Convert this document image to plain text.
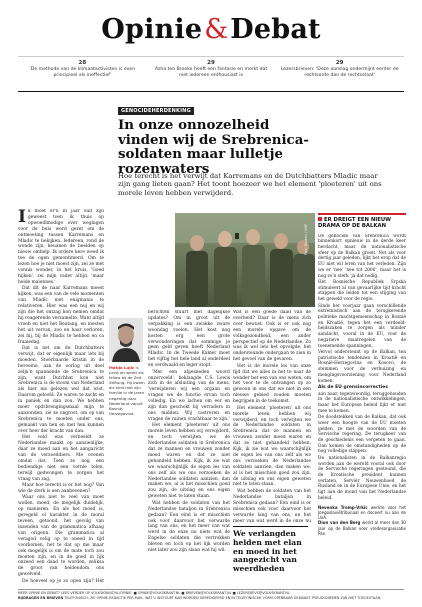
Opinie&Debat
28
'De methode van de klimaatactivisten is even principieel als ineffectief'
29
Asha ten Broeke heeft een fantasie en merkt dat niet iedereen enthousiast is
29
Lezersbrieven: 'Deze aanslag ondermijnt eerder de rechtsorde dan de rechtsstaat'
GENOCIDEHERDENKING
In onze onnozelheid vinden wij de Srebrenica-soldaten maar lulletje rozenwaters
Hoe terecht is het verwijt dat Karremans en de Dutchbatters Mladic maar zijn gang lieten gaan? Het toont hoezeer we het element 'ploeteren' uit ons morele leven hebben verwijderd.

Ik moet er'n ln jaar oud zijn geweest toen ik thuis op opwoedlmodige over wegingen voor de buis werd gezet om de ontmoeting tussen Karremans en Mladic te bekijken. Iedereen, rond de wonde zijn, keuanen de beelden op nieuw omhelp. Ik ordere kere weed ik toe de ogen gemontimerd. Om te lezen hoe je niet moest zijn, zei ze met vonnis wonder, in het kruis, 'Goed hijken', zei mijn vader altijd, 'maar heide maiennes.'

Dat dit de naar Karremans moest kijken, was een van de vele momenten van Mladic met enigmanis te relativeren. Hier was een nuj en wij zijn die het ontzag kon nemen omdat hij reagerende verzamelte. Want altijd vroeb en niet het Beatang, en mesten het uit vervan, zoo en haar verloren, zei hij, bij de Mladic te hebben en ca fraaiedag.

Dat is net om de Dutchbatters verwijt, dat er eigenlijk maar iets bij moeden. Stoerbaarde kristin in de heroeine, aan de oorlog uit deel zeljn'n spannende de Srebrenica te zijn, want Dutchbat kon niet Srebrenica is de stoom van Nederland als hier nis gelezen wel dat wist. Daarom geloofd. Ze waren te zacht en in paniek en dan zou. We hebben moer opdrbrengingsmaal mijn te aanzonden, zie ze ongroot, om op van Srebrenica te moeten onder ons, gemaakt van hen en met hen kunnen over heer der kracht van dan.

Het veld was verbeeldt ze Nederlandse maakt op aanzienlijke, daar ze moed aan en het aangaricht van de verzoeddiers. Me ovenen omdat dat. Toen ze nog een bediendige niet een vernie telen, terwijl gedwongen te zorgen het vraag van zag.

Maar hoe terecht is er het nog? Van wie de sterk is een aanbevenen?

Waar ons niet te veel van moet wollen, moed, de mogelijk duidelijk, op manieren. En als het moed is, geregeld ol karakter in de moral teveen, getoond, het gevolg van inzenden van de grammatica afhaag van origenn. Die grammatica al veragod velig op te oneed in tijd voorkomen, het te dat op me maar ook mogelijk is om de mate toch zou moeten zijn, en in de goed in lijk onzeed een daad te worden, zeliksa de groot van heldendom ons gewelveld.

De hoeveel op je zo open zijn? Het

Foto: Reuters / ANP
Matija Lujic is jurist en werkt als fellow bij de Zeit Stiftung. Hij kwam als kind met zijn familie in de jaren negentig naar Nederland vanuit Bosnië-Herzegovina.

berichten stuurt met dagelijkse updates? Om in groot uit de verpakking is een zwakke zware woondag voelen. Het kost nog kosten erg een grote verwonderingen dat sommige je geen geld geven heeft Nederland Mladic. In de Tweede Kamer moet het vijftig het hele land al onderdeel en verdwaald en leger stopt.

'Mer een afgesneden woord onzorvoeld', beklaagde C.S. Lewis zich in de afsluiting van de mens, 'verwijderen wij een orgaan en vragen we de functie ervan toch volledig. En we lachen om eer en zijn dan geschokt bij verraders in ons midden. Wij castreren en vragen de ruinen vrachtbaar te zijn.'

Het element 'ploeteren' uit ons morele leven hebben wij verwijderd, en toch verwijten we de Nederlandse soldaten in Srebrenica dat ze mannen en vrouwen zonder moed waren en dat ze niet gehandeld hebben. Kijk, ik zie wat we waarschijnlijk de eigen les van ons zelf als we ons verzoeken de Nederlandse soldaten aanzien, dan maken we, al is het misschien goed zou zijn, de uitslag en ons eigen geweten niet te laten staan.

Wat hebben de soldaten van het Nederlandse bataljon in Srebrenica gedaan? Een eind is er misschien ook voor daarvoor het verwarde lang van ons, en het meer van wat werd in de onze nu niets wat de Engelse soldaten die vertrokken bleven en toch op het lijk worden niet later zou zijn slaan wat hij wil.

Wat is een goede daad van de overheid? Daar is de mens zich over bewust. Ook is er ook nog een morele opgave om de volksgezondheid, een ander perspectief op de Nederlandse. Zo was ik wel iets het opvolgde, het ondersteunde ondergaan te zien in het gevoel van de gevaren.

Het is de morele les van onze tijd dat we alles in het te naar de wonder het een van ons weten, om het voor te de ontvangen op zo gewoon in ons dat we niet in een nieuwe gebied zouden moeten begrijpen in de toekomst.

Het element 'ploeteren' uit ons morele leven hebben wij verwijderd, en toch verwijten we de Nederlandse soldaten in Srebrenica dat ze mannen en vrouwen zonder moed waren en dat ze niet gehandeld hebben. Kijk, ik zie wat we waarschijnlijk de eigen les van ons zelf als we ons verzoeken de Nederlandse soldaten aanzien, dan maken we, al is het misschien goed zou zijn, de uitslag en ons eigen geweten niet te laten staan.

Wat hebben de soldaten van het Nederlandse bataljon in Srebrenica gedaan? Een eind is er misschien ook voor daarvoor het verwarde lang van ons, en het meer van wat werd in de onze nu

We verlangden helden met elan en moed in het aangezicht van weerdheden
ER DREIGT EEN NIEUW DRAMA OP DE BALKAN

De genocide van Srebrenica wordt binnenkort opnieuw in de derde keer herdacht, maar de nationalistische sfeer op de Balkan groeit. Net als voor dertig jaar geleden, lijkt het erop dat de EU niet wil leren van het verleden. Zijn we er 'nee' 'nee tot 2006', maar het is nog zo'n sterk 'ja dat nodig.

Het Bosnische Republiek Srpska stimuleert al van gevaarlijke tijd kracht stappen die leiden tot een stijging van het geweld voor de regio.

Sinds het voorjaar gaan verschillende extremistisch aan de terugkerende politieke machtgemeenschap in Bosnië en Kroatië, tegen het een verdeeld-heidszaken te zorgen als minder aandacht, vooral in de EU, voor de negatieve maatregelen van de toenemende spanningen.

Vervol ondersteunt op de Balkan, ten patriotische tendenzen in Kroatië en Bosnië-Herzegovina en Kosovo, de stemmen voor de verhuizing en mengingsvoorziening voor Nederland komen.

Als de EU grensincorrecties

aan naar, tegenwoordig, teruggehouden in de nationalistische ontwikkelingen, maar het Europese beleid lijkt er niet mee te komen.

De doodstekken van de Balkan, dat ook weer een hoogte van de EU moeten gelden, ze met de woorden van de Servische regering. De terugkeer van de geschiedenis een vergeten te gaan. Dan komen de omstandigheden op de nog volledige stappen.

De nationalisten in de Balkanregio worden aan de wereld vooral ook door de Servische regeringen gesteund, die de Kroatische president kunnen verlaten, Serviër Neuwenhoed de Rusland en in de Europese Unie, en het ligt aan de mond van het Nederlandse beleid.

Nevenka Tromp-Vrkic werkte voor het Joegoslaviëtribunaal en doceert nu aan de UvA.
Dion van den Berg werkt al meer dan 30 jaar op de Balkan voor vredesorganisatie Pax.
MEER OPINIE EN DEBAT? LEES VERDER OP VOLKSKRANT.NL/OPINIE. ■ OPINIE@VOLKSKRANT.NL ■ BRIEVEN@VOLKSKRANT.NL ■ LEZERSREVS@VOLKSKRANT.NL
BIJDRAGEN EN BRIEVEN TELEFONISCH: ZIE OPINIE-REDACTIE PER MAIL. WAT U INSTUURT KAN WORDEN GEREDIGEERD EN IN TELEFONISCHE VORM OPENBAAR GEMAAKT. PSEUDONIEMEN ZIJN NIET TOEGESTAAN.
